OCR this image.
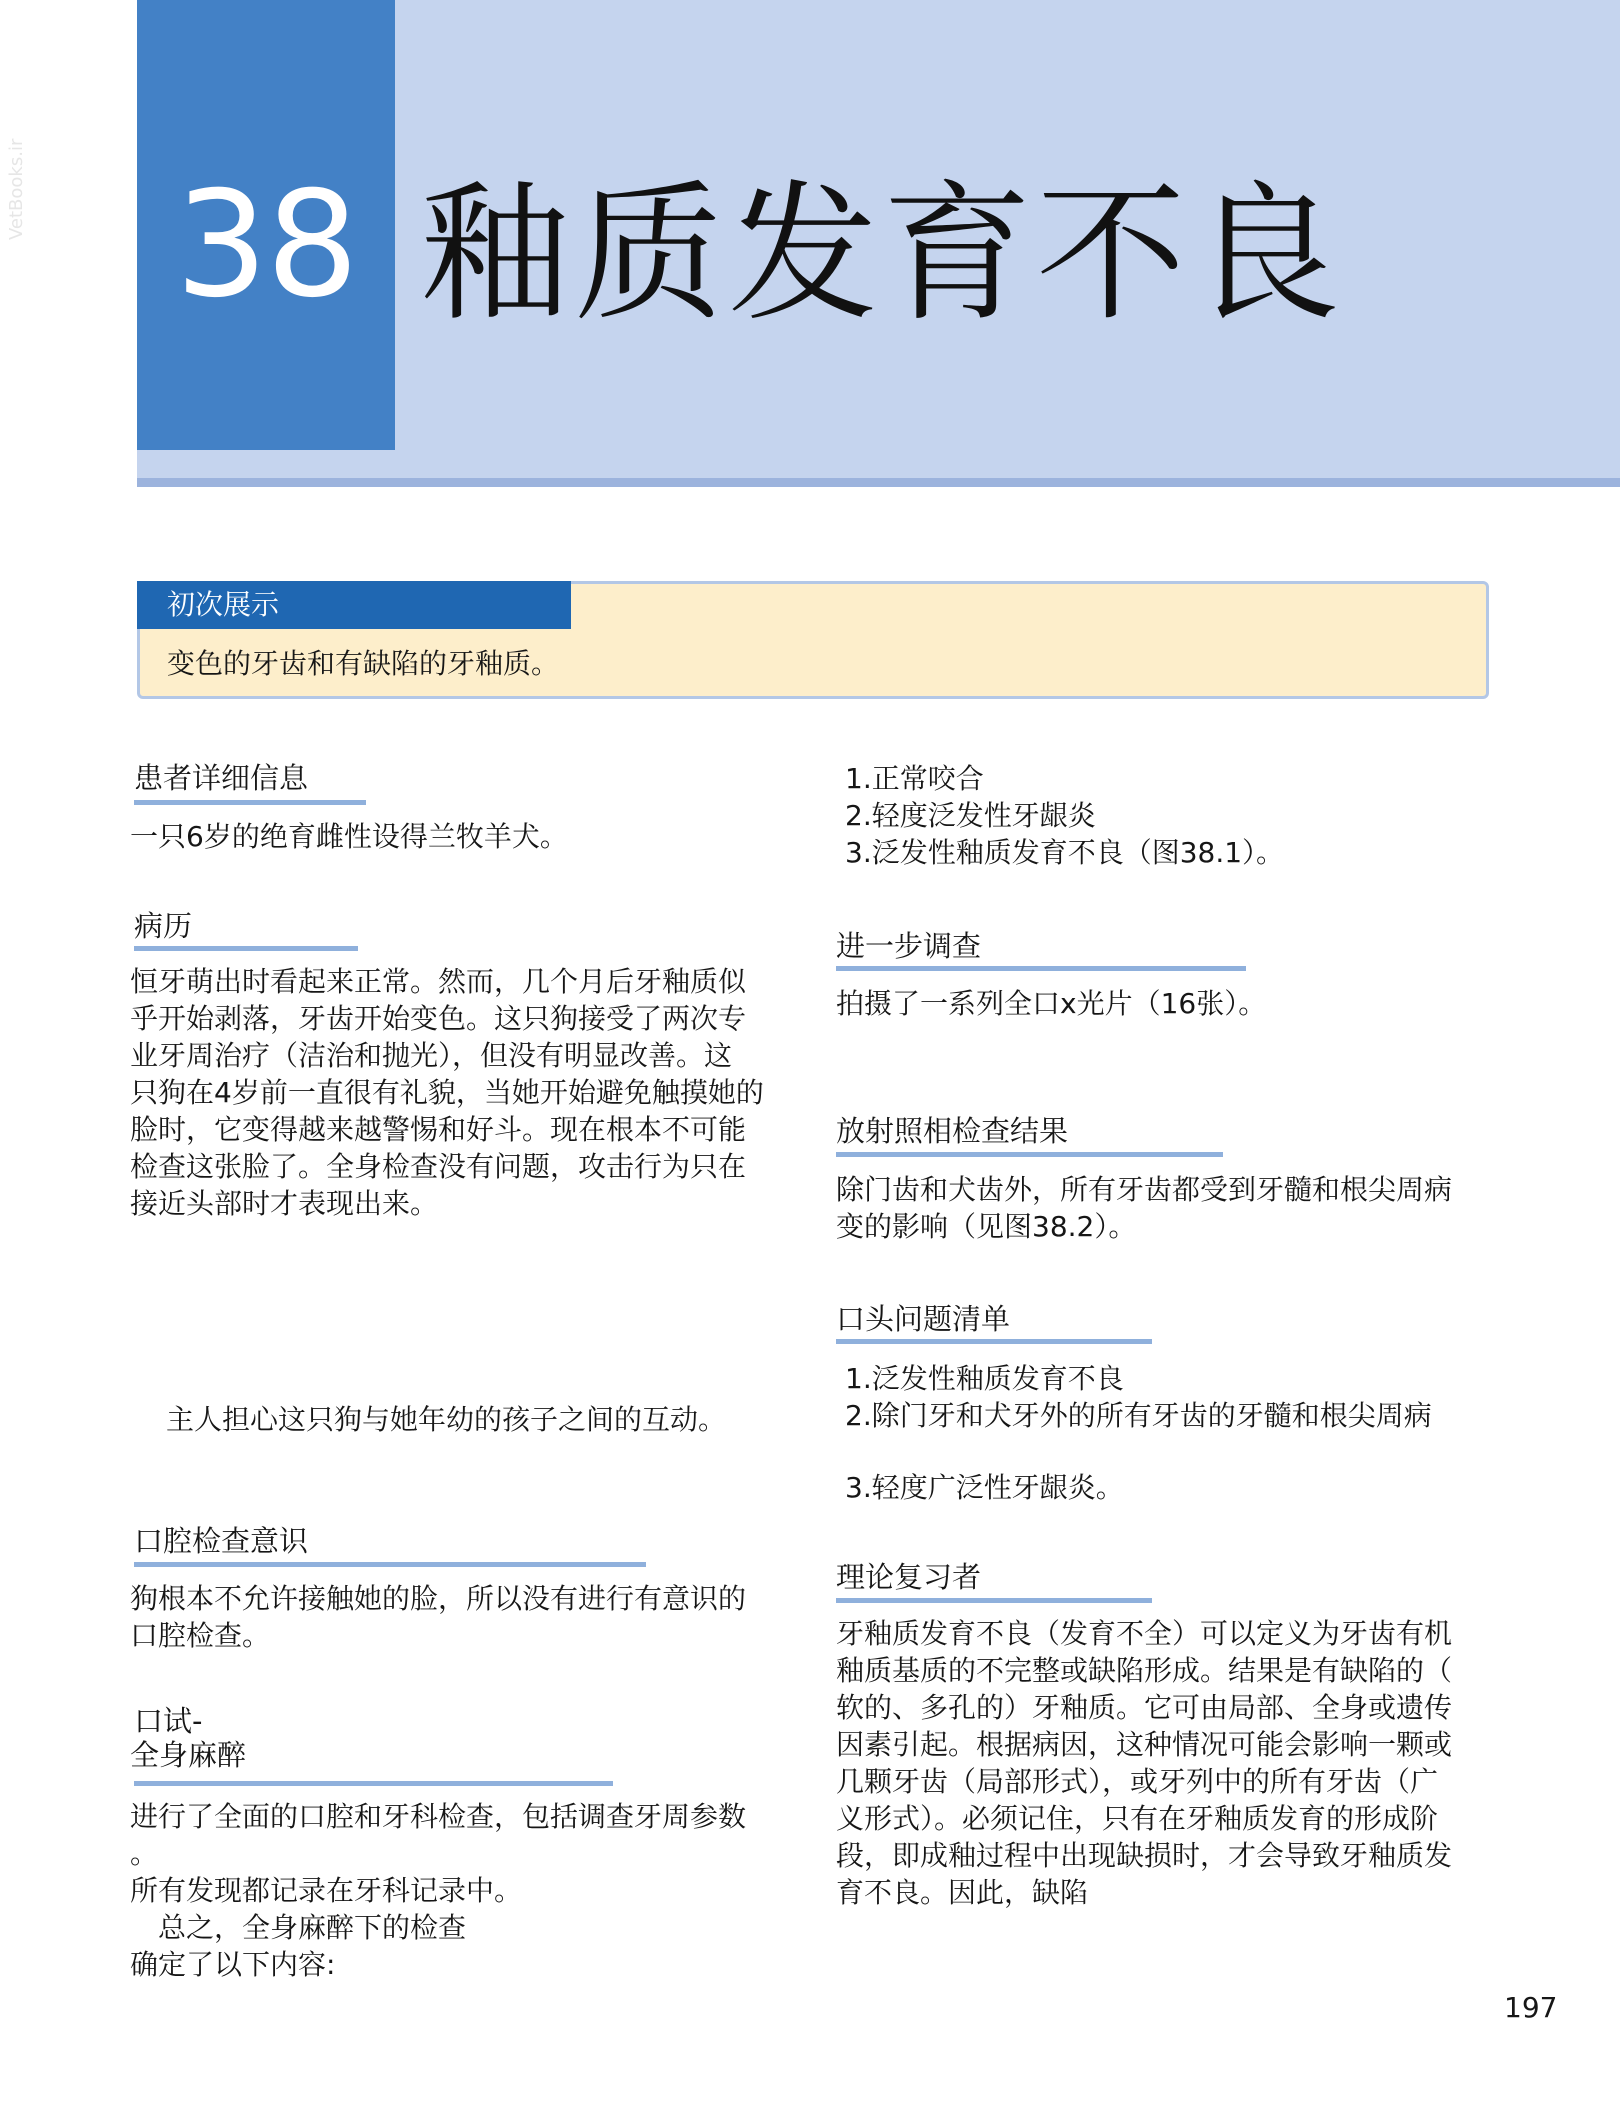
VetBooks.ir 38 釉质发育不良
初次展示
变色的牙齿和有缺陷的牙釉质。
患者详细信息
一只6岁的绝育雌性设得兰牧羊犬。
病历
恒牙萌出时看起来正常。然而，几个月后牙釉质似
乎开始剥落，牙齿开始变色。这只狗接受了两次专
业牙周治疗（洁治和抛光），但没有明显改善。这
只狗在4岁前一直很有礼貌，当她开始避免触摸她的
脸时，它变得越来越警惕和好斗。现在根本不可能
检查这张脸了。全身检查没有问题，攻击行为只在
接近头部时才表现出来。
主人担心这只狗与她年幼的孩子之间的互动。
口腔检查意识
狗根本不允许接触她的脸，所以没有进行有意识的
口腔检查。
口试-
全身麻醉
进行了全面的口腔和牙科检查，包括调查牙周参数
。
所有发现都记录在牙科记录中。
　总之，全身麻醉下的检查
确定了以下内容:
1.正常咬合
2.轻度泛发性牙龈炎
3.泛发性釉质发育不良（图38.1）。
进一步调查
拍摄了一系列全口x光片（16张）。
放射照相检查结果
除门齿和犬齿外，所有牙齿都受到牙髓和根尖周病
变的影响（见图38.2）。
口头问题清单
1.泛发性釉质发育不良
2.除门牙和犬牙外的所有牙齿的牙髓和根尖周病
3.轻度广泛性牙龈炎。
理论复习者
牙釉质发育不良（发育不全）可以定义为牙齿有机
釉质基质的不完整或缺陷形成。结果是有缺陷的（
软的、多孔的）牙釉质。它可由局部、全身或遗传
因素引起。根据病因，这种情况可能会影响一颗或
几颗牙齿（局部形式），或牙列中的所有牙齿（广
义形式）。必须记住，只有在牙釉质发育的形成阶
段，即成釉过程中出现缺损时，才会导致牙釉质发
育不良。因此，缺陷
197
